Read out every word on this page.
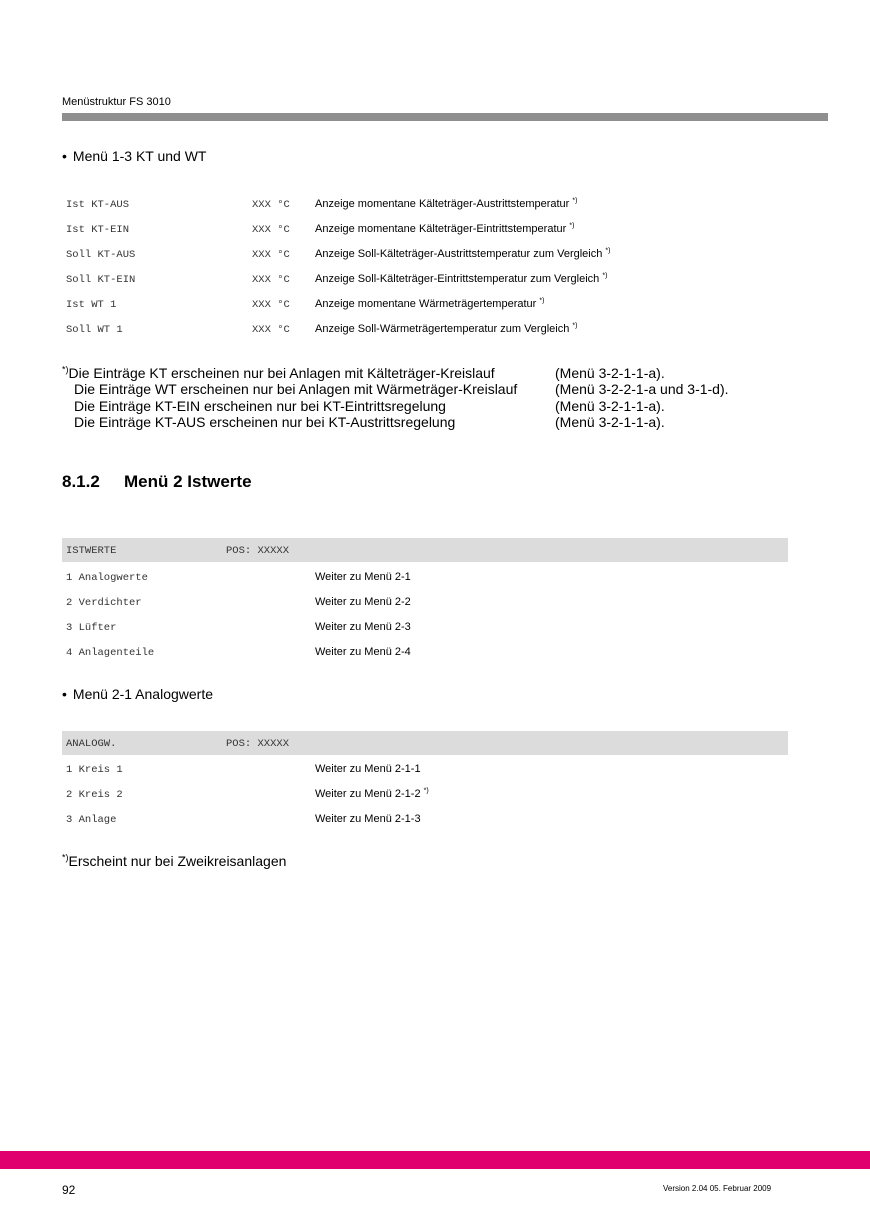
Menüstruktur FS 3010
• Menü 1-3 KT und WT
Ist KT-AUS	XXX °C Anzeige momentane Kälteträger-Austrittstemperatur *)
Ist KT-EIN	XXX °C Anzeige momentane Kälteträger-Eintrittstemperatur *)
Soll KT-AUS	XXX °C Anzeige Soll-Kälteträger-Austrittstemperatur zum Vergleich *)
Soll KT-EIN	XXX °C Anzeige Soll-Kälteträger-Eintrittstemperatur zum Vergleich *)
Ist WT 1	XXX °C Anzeige momentane Wärmeträgertemperatur *)
Soll WT 1	XXX °C Anzeige Soll-Wärmeträgertemperatur zum Vergleich *)
*)Die Einträge KT erscheinen nur bei Anlagen mit Kälteträger-Kreislauf	(Menü 3-2-1-1-a).
Die Einträge WT erscheinen nur bei Anlagen mit Wärmeträger-Kreislauf	(Menü 3-2-2-1-a und 3-1-d).
Die Einträge KT-EIN erscheinen nur bei KT-Eintrittsregelung	(Menü 3-2-1-1-a).
Die Einträge KT-AUS erscheinen nur bei KT-Austrittsregelung	(Menü 3-2-1-1-a).
8.1.2 Menü 2 Istwerte
ISTWERTE	POS: XXXXX
1 Analogwerte	Weiter zu Menü 2-1
2 Verdichter	Weiter zu Menü 2-2
3 Lüfter	Weiter zu Menü 2-3
4 Anlagenteile	Weiter zu Menü 2-4
• Menü 2-1 Analogwerte
ANALOGW.	POS: XXXXX
1 Kreis 1	Weiter zu Menü 2-1-1
2 Kreis 2	Weiter zu Menü 2-1-2 *)
3 Anlage	Weiter zu Menü 2-1-3
*)Erscheint nur bei Zweikreisanlagen
92	Version 2.04 05. Februar 2009
